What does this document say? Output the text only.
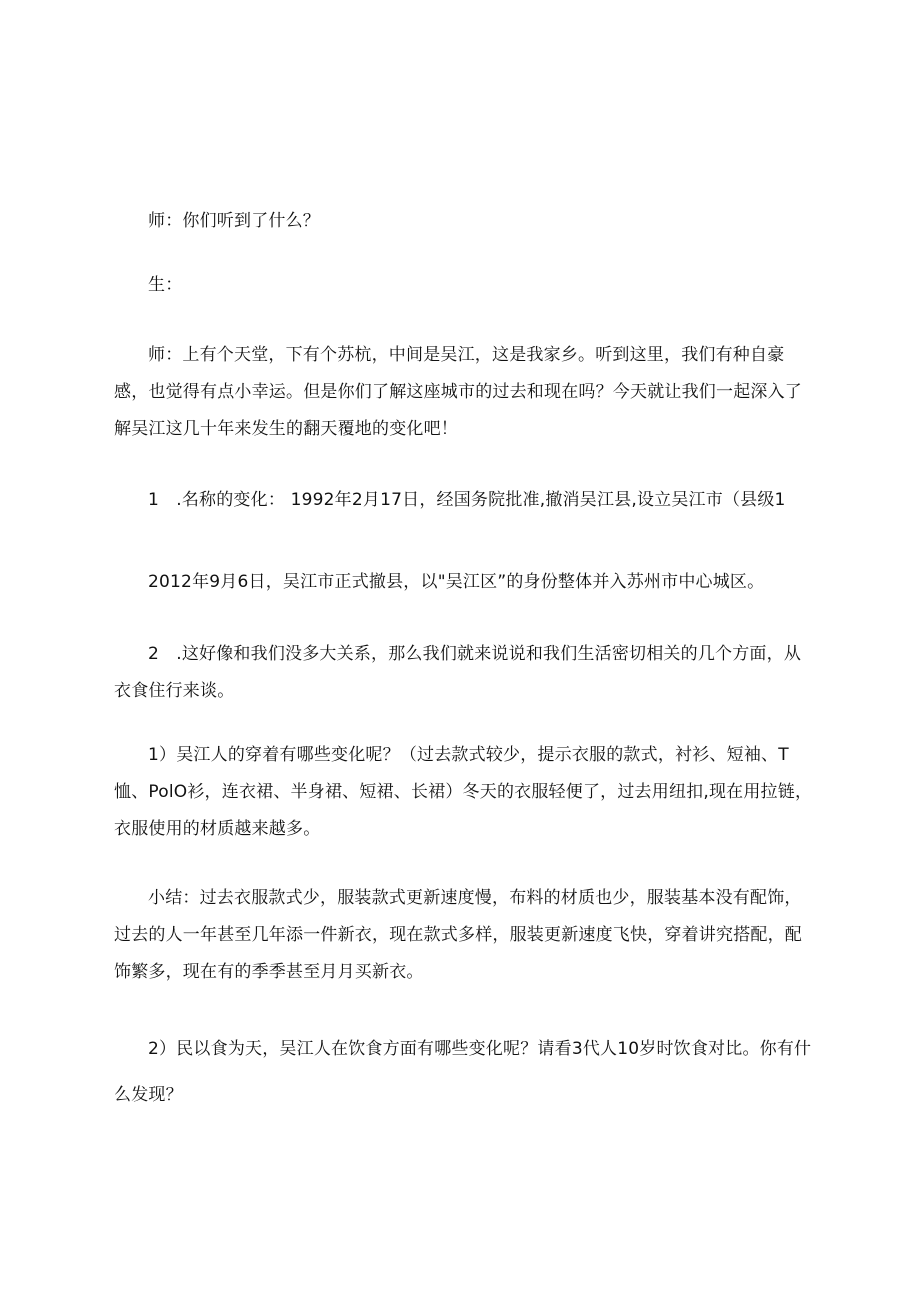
师：你们听到了什么？

生：

师：上有个天堂，下有个苏杭，中间是吴江，这是我家乡。听到这里，我们有种自豪感，也觉得有点小幸运。但是你们了解这座城市的过去和现在吗？今天就让我们一起深入了解吴江这几十年来发生的翻天覆地的变化吧！

1　.名称的变化： 1992年2月17日，经国务院批准,撤消吴江县,设立吴江市（县级1

2012年9月6日，吴江市正式撤县，以"吴江区”的身份整体并入苏州市中心城区。

2　.这好像和我们没多大关系，那么我们就来说说和我们生活密切相关的几个方面，从衣食住行来谈。

1）吴江人的穿着有哪些变化呢？（过去款式较少，提示衣服的款式，衬衫、短袖、T恤、PolO衫，连衣裙、半身裙、短裙、长裙）冬天的衣服轻便了，过去用纽扣,现在用拉链，衣服使用的材质越来越多。

小结：过去衣服款式少，服装款式更新速度慢，布料的材质也少，服装基本没有配饰，过去的人一年甚至几年添一件新衣，现在款式多样，服装更新速度飞快，穿着讲究搭配，配饰繁多，现在有的季季甚至月月买新衣。

2）民以食为天，吴江人在饮食方面有哪些变化呢？请看3代人10岁时饮食对比。你有什么发现？
